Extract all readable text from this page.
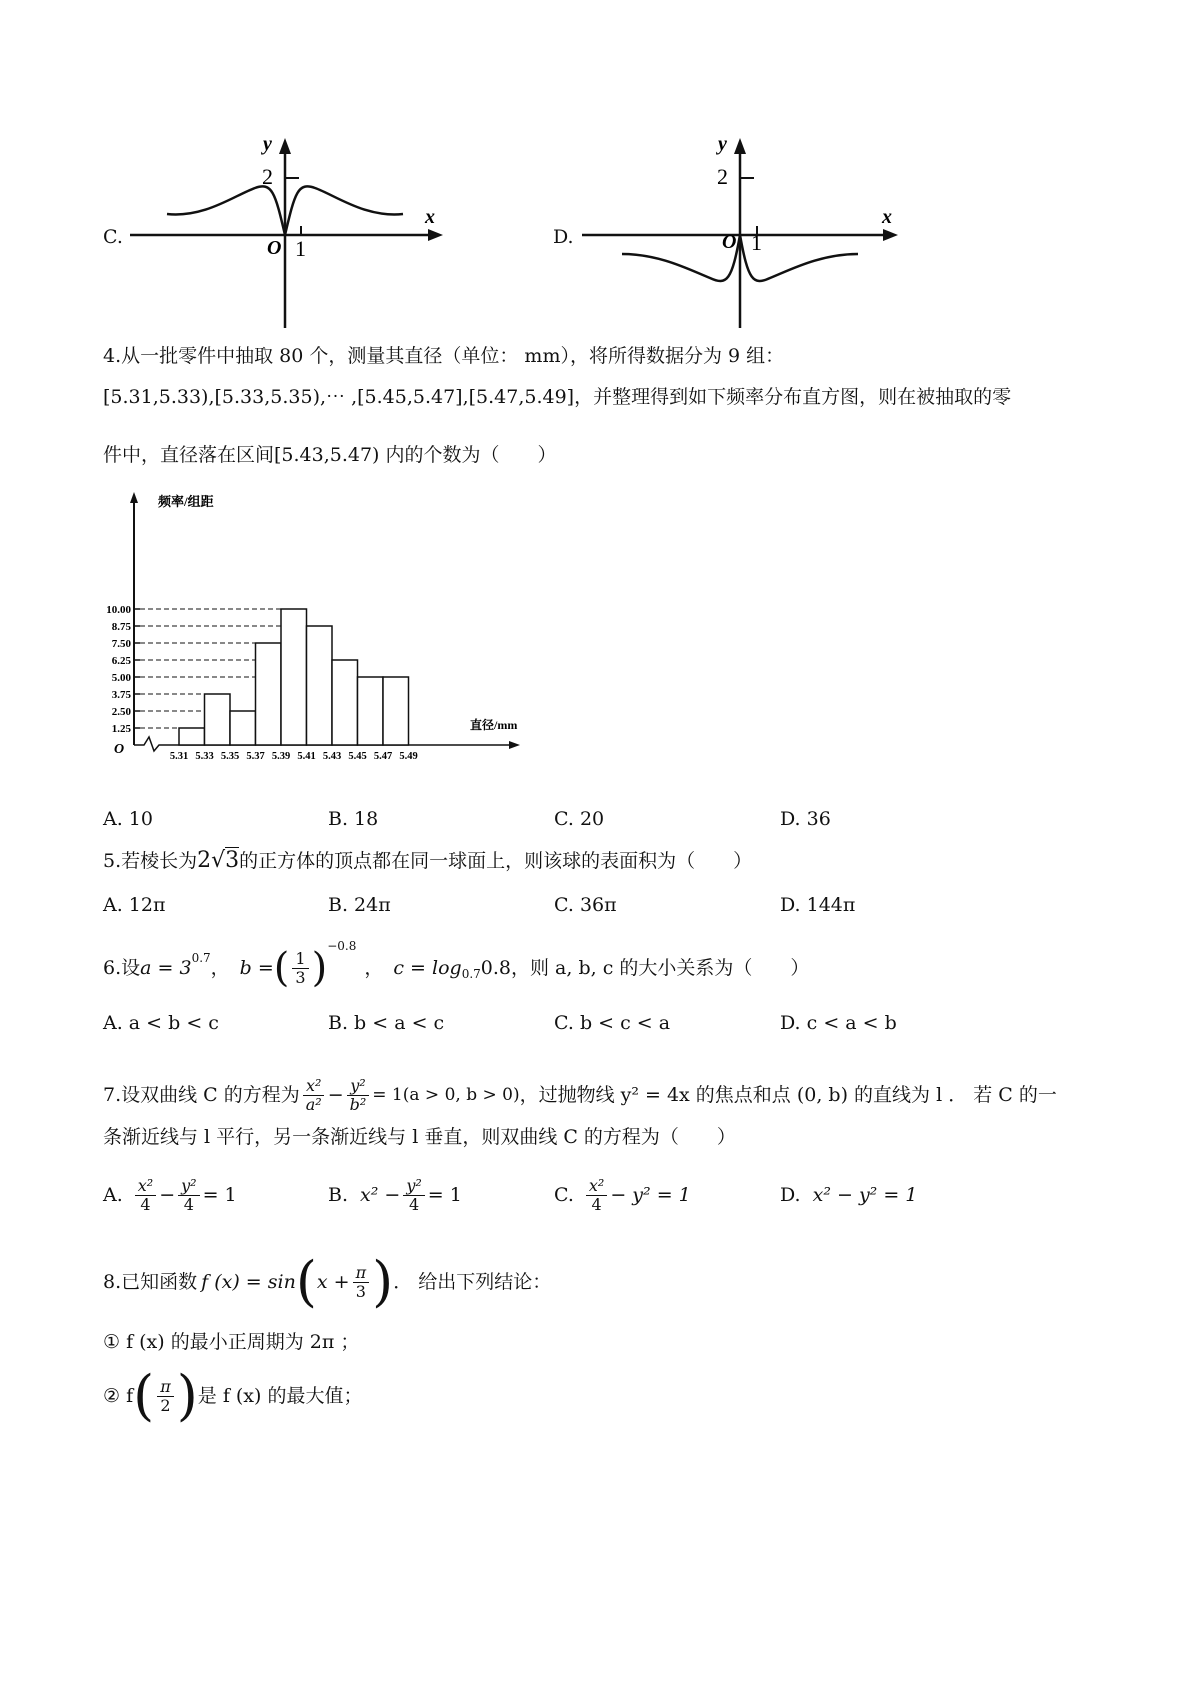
C.
y
x
2
O 1	D.
y
x
2
O 1
4.从一批零件中抽取 80 个，测量其直径（单位： mm），将所得数据分为 9 组：
[5.31,5.33),[5.33,5.35),⋯ ,[5.45,5.47],[5.47,5.49]，并整理得到如下频率分布直方图，则在被抽取的零
件中，直径落在区间[5.43,5.47) 内的个数为（　　）
频率/组距
直径/mm
O
10.00
8.75
7.50
6.25
5.00
3.75
2.50
1.25
5.31 5.33 5.35 5.37 5.39 5.41 5.43 5.45 5.47 5.49
A. 10	B. 18	C. 20	D. 36
5.若棱长为2√3的正方体的顶点都在同一球面上，则该球的表面积为（　　）
A. 12π	B. 24π	C. 36π	D. 144π
6.设 $a = 3^{0.7}$ ， b = ( $\frac{1}{3} )^{-0.8}$
， $c = \log_{0.7} 0.8$ ，则 a, b, c 的大小关系为（　　）
A. a < b < c	B. b < a < c	C. b < c < a	D. c < a < b
7.设双曲线 C 的方程为 $\frac{\text{x²}}{\text{a²}} - \frac{\text{y²}}{\text{b²}} = 1(a > 0$, b > 0) ，过抛物线 y² = 4x 的焦点和点 (0, b) 的直线为 l ． 若 C 的一
条渐近线与 l 平行，另一条渐近线与 l 垂直，则双曲线 C 的方程为（　　）
A. $\frac{\text{x²}}{4} - \frac{\text{y²}}{4} = 1$	B. $x^2 - \frac{\text{y²}}{4} = 1$	C. $\frac{\text{x²}}{4} - y^2 = 1$	D. x² − y² = 1
8.已知函数 f (x) = sin ( $x + \frac{\pi}{3}$ ) ． 给出下列结论：
① f (x) 的最小正周期为 2π ；
② f ( $\frac{\pi}{2}$ ) 是 f (x) 的最大值；
